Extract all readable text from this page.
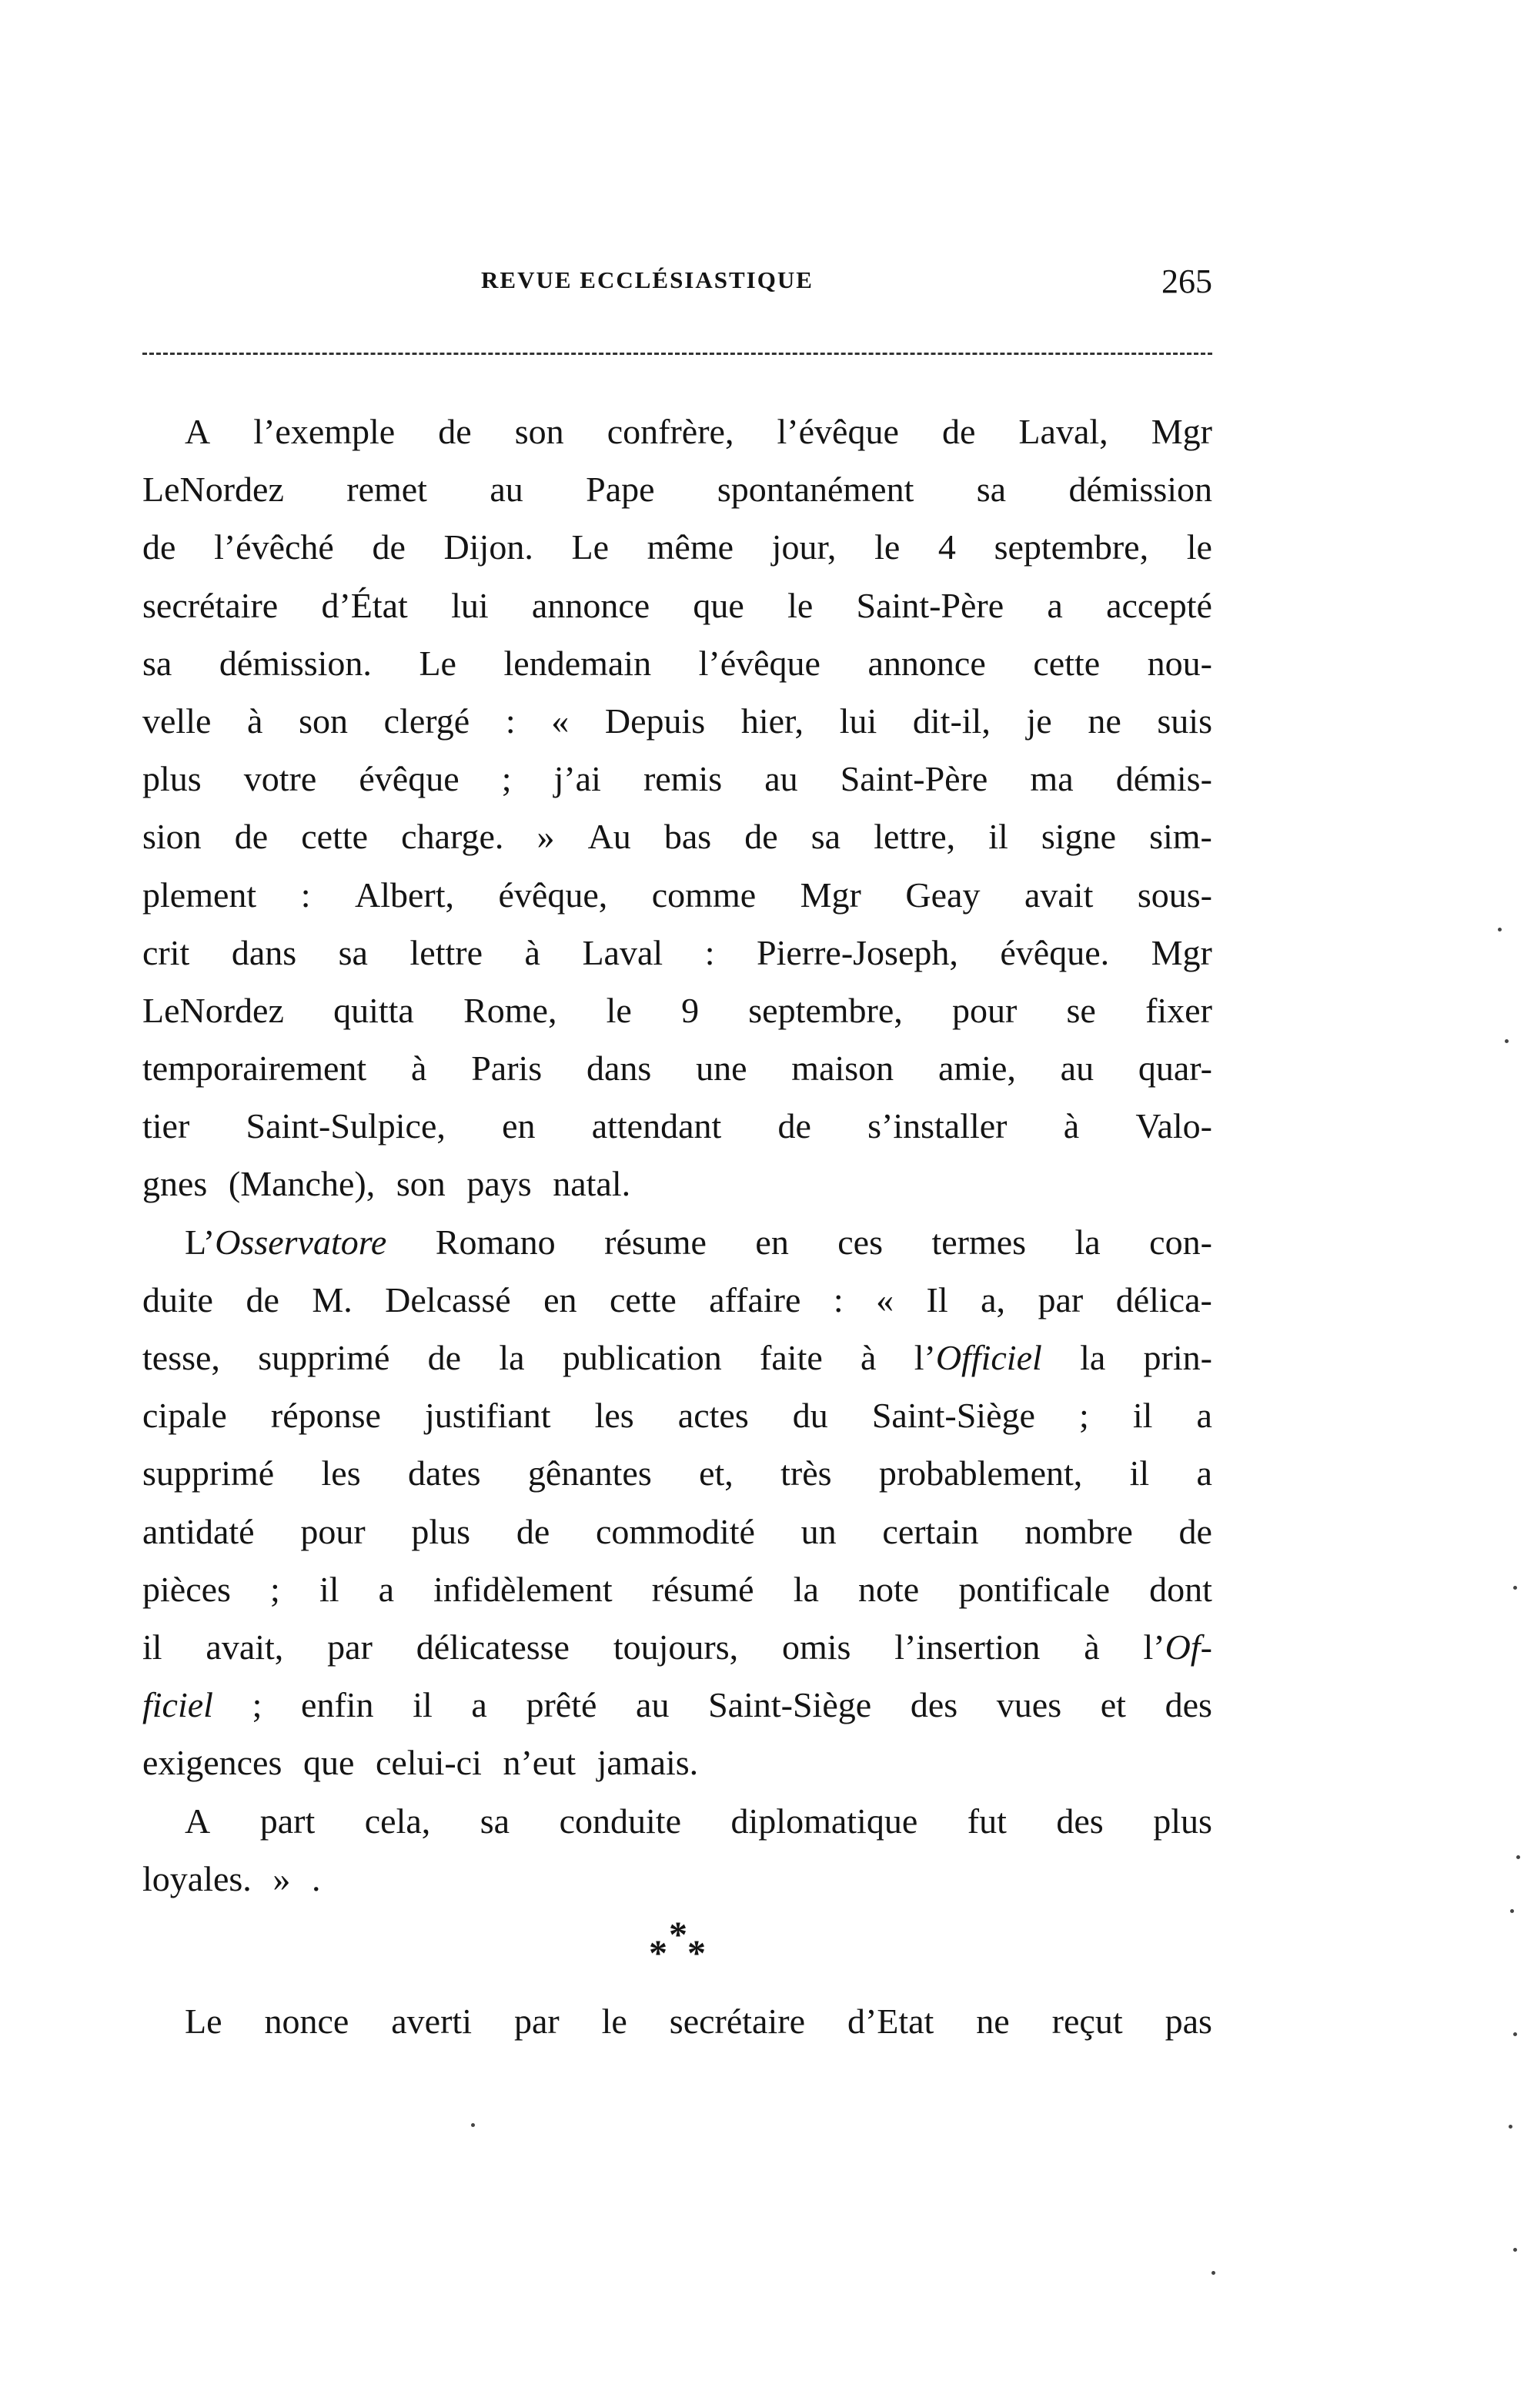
REVUE ECCLÉSIASTIQUE	265
A l’exemple de son confrère, l’évêque de Laval, Mgr
LeNordez remet au Pape spontanément sa démission
de l’évêché de Dijon. Le même jour, le 4 septembre, le
secrétaire d’État lui annonce que le Saint-Père a accepté
sa démission. Le lendemain l’évêque annonce cette nou-
velle à son clergé : « Depuis hier, lui dit-il, je ne suis
plus votre évêque ; j’ai remis au Saint-Père ma démis-
sion de cette charge. » Au bas de sa lettre, il signe sim-
plement : Albert, évêque, comme Mgr Geay avait sous-
crit dans sa lettre à Laval : Pierre-Joseph, évêque. Mgr
LeNordez quitta Rome, le 9 septembre, pour se fixer
temporairement à Paris dans une maison amie, au quar-
tier Saint-Sulpice, en attendant de s’installer à Valo-
gnes (Manche), son pays natal.
L’Osservatore Romano résume en ces termes la con-
duite de M. Delcassé en cette affaire : « Il a, par délica-
tesse, supprimé de la publication faite à l’Officiel la prin-
cipale réponse justifiant les actes du Saint-Siège ; il a
supprimé les dates gênantes et, très probablement, il a
antidaté pour plus de commodité un certain nombre de
pièces ; il a infidèlement résumé la note pontificale dont
il avait, par délicatesse toujours, omis l’insertion à l’Of-
ficiel ; enfin il a prêté au Saint-Siège des vues et des
exigences que celui-ci n’eut jamais.
A part cela, sa conduite diplomatique fut des plus
loyales. » .
*
* *
Le nonce averti par le secrétaire d’Etat ne reçut pas
